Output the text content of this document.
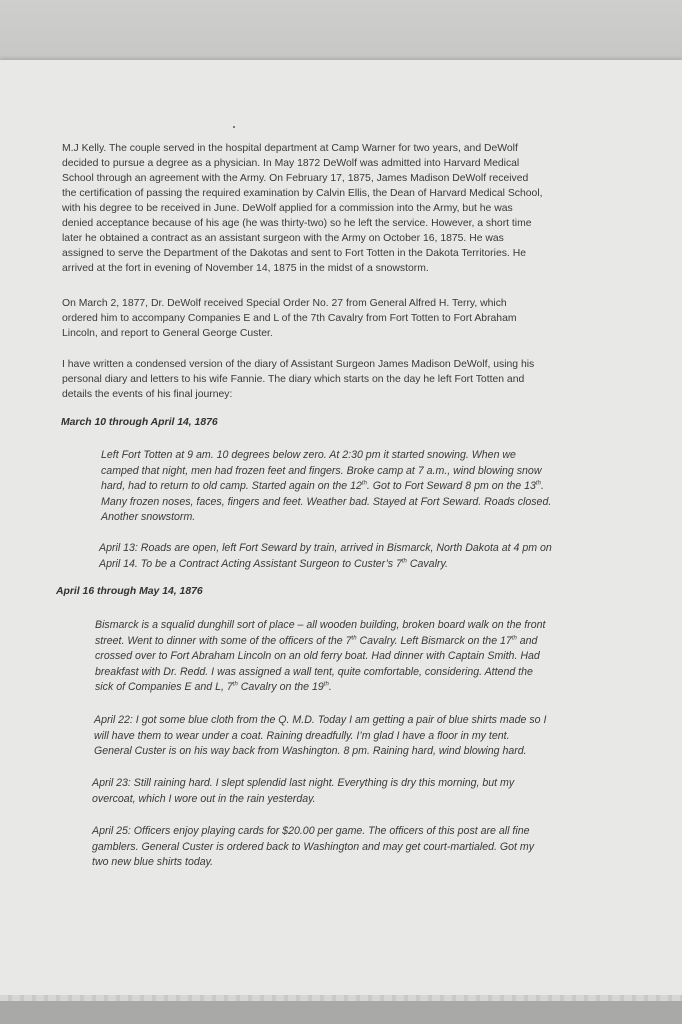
M.J Kelly. The couple served in the hospital department at Camp Warner for two years, and DeWolf
decided to pursue a degree as a physician. In May 1872 DeWolf was admitted into Harvard Medical
School through an agreement with the Army. On February 17, 1875, James Madison DeWolf received
the certification of passing the required examination by Calvin Ellis, the Dean of Harvard Medical School,
with his degree to be received in June. DeWolf applied for a commission into the Army, but he was
denied acceptance because of his age (he was thirty-two) so he left the service. However, a short time
later he obtained a contract as an assistant surgeon with the Army on October 16, 1875. He was
assigned to serve the Department of the Dakotas and sent to Fort Totten in the Dakota Territories. He
arrived at the fort in evening of November 14, 1875 in the midst of a snowstorm.
On March 2, 1877, Dr. DeWolf received Special Order No. 27 from General Alfred H. Terry, which
ordered him to accompany Companies E and L of the 7th Cavalry from Fort Totten to Fort Abraham
Lincoln, and report to General George Custer.
I have written a condensed version of the diary of Assistant Surgeon James Madison DeWolf, using his
personal diary and letters to his wife Fannie. The diary which starts on the day he left Fort Totten and
details the events of his final journey:
March 10 through April 14, 1876
Left Fort Totten at 9 am. 10 degrees below zero. At 2:30 pm it started snowing. When we
camped that night, men had frozen feet and fingers. Broke camp at 7 a.m., wind blowing snow
hard, had to return to old camp. Started again on the 12th. Got to Fort Seward 8 pm on the 13th.
Many frozen noses, faces, fingers and feet. Weather bad. Stayed at Fort Seward. Roads closed.
Another snowstorm.
April 13: Roads are open, left Fort Seward by train, arrived in Bismarck, North Dakota at 4 pm on
April 14. To be a Contract Acting Assistant Surgeon to Custer’s 7th Cavalry.
April 16 through May 14, 1876
Bismarck is a squalid dunghill sort of place – all wooden building, broken board walk on the front
street. Went to dinner with some of the officers of the 7th Cavalry. Left Bismarck on the 17th and
crossed over to Fort Abraham Lincoln on an old ferry boat. Had dinner with Captain Smith. Had
breakfast with Dr. Redd. I was assigned a wall tent, quite comfortable, considering. Attend the
sick of Companies E and L, 7th Cavalry on the 19th.
April 22: I got some blue cloth from the Q. M.D. Today I am getting a pair of blue shirts made so I
will have them to wear under a coat. Raining dreadfully. I’m glad I have a floor in my tent.
General Custer is on his way back from Washington. 8 pm. Raining hard, wind blowing hard.
April 23: Still raining hard. I slept splendid last night. Everything is dry this morning, but my
overcoat, which I wore out in the rain yesterday.
April 25: Officers enjoy playing cards for $20.00 per game. The officers of this post are all fine
gamblers. General Custer is ordered back to Washington and may get court-martialed. Got my
two new blue shirts today.
